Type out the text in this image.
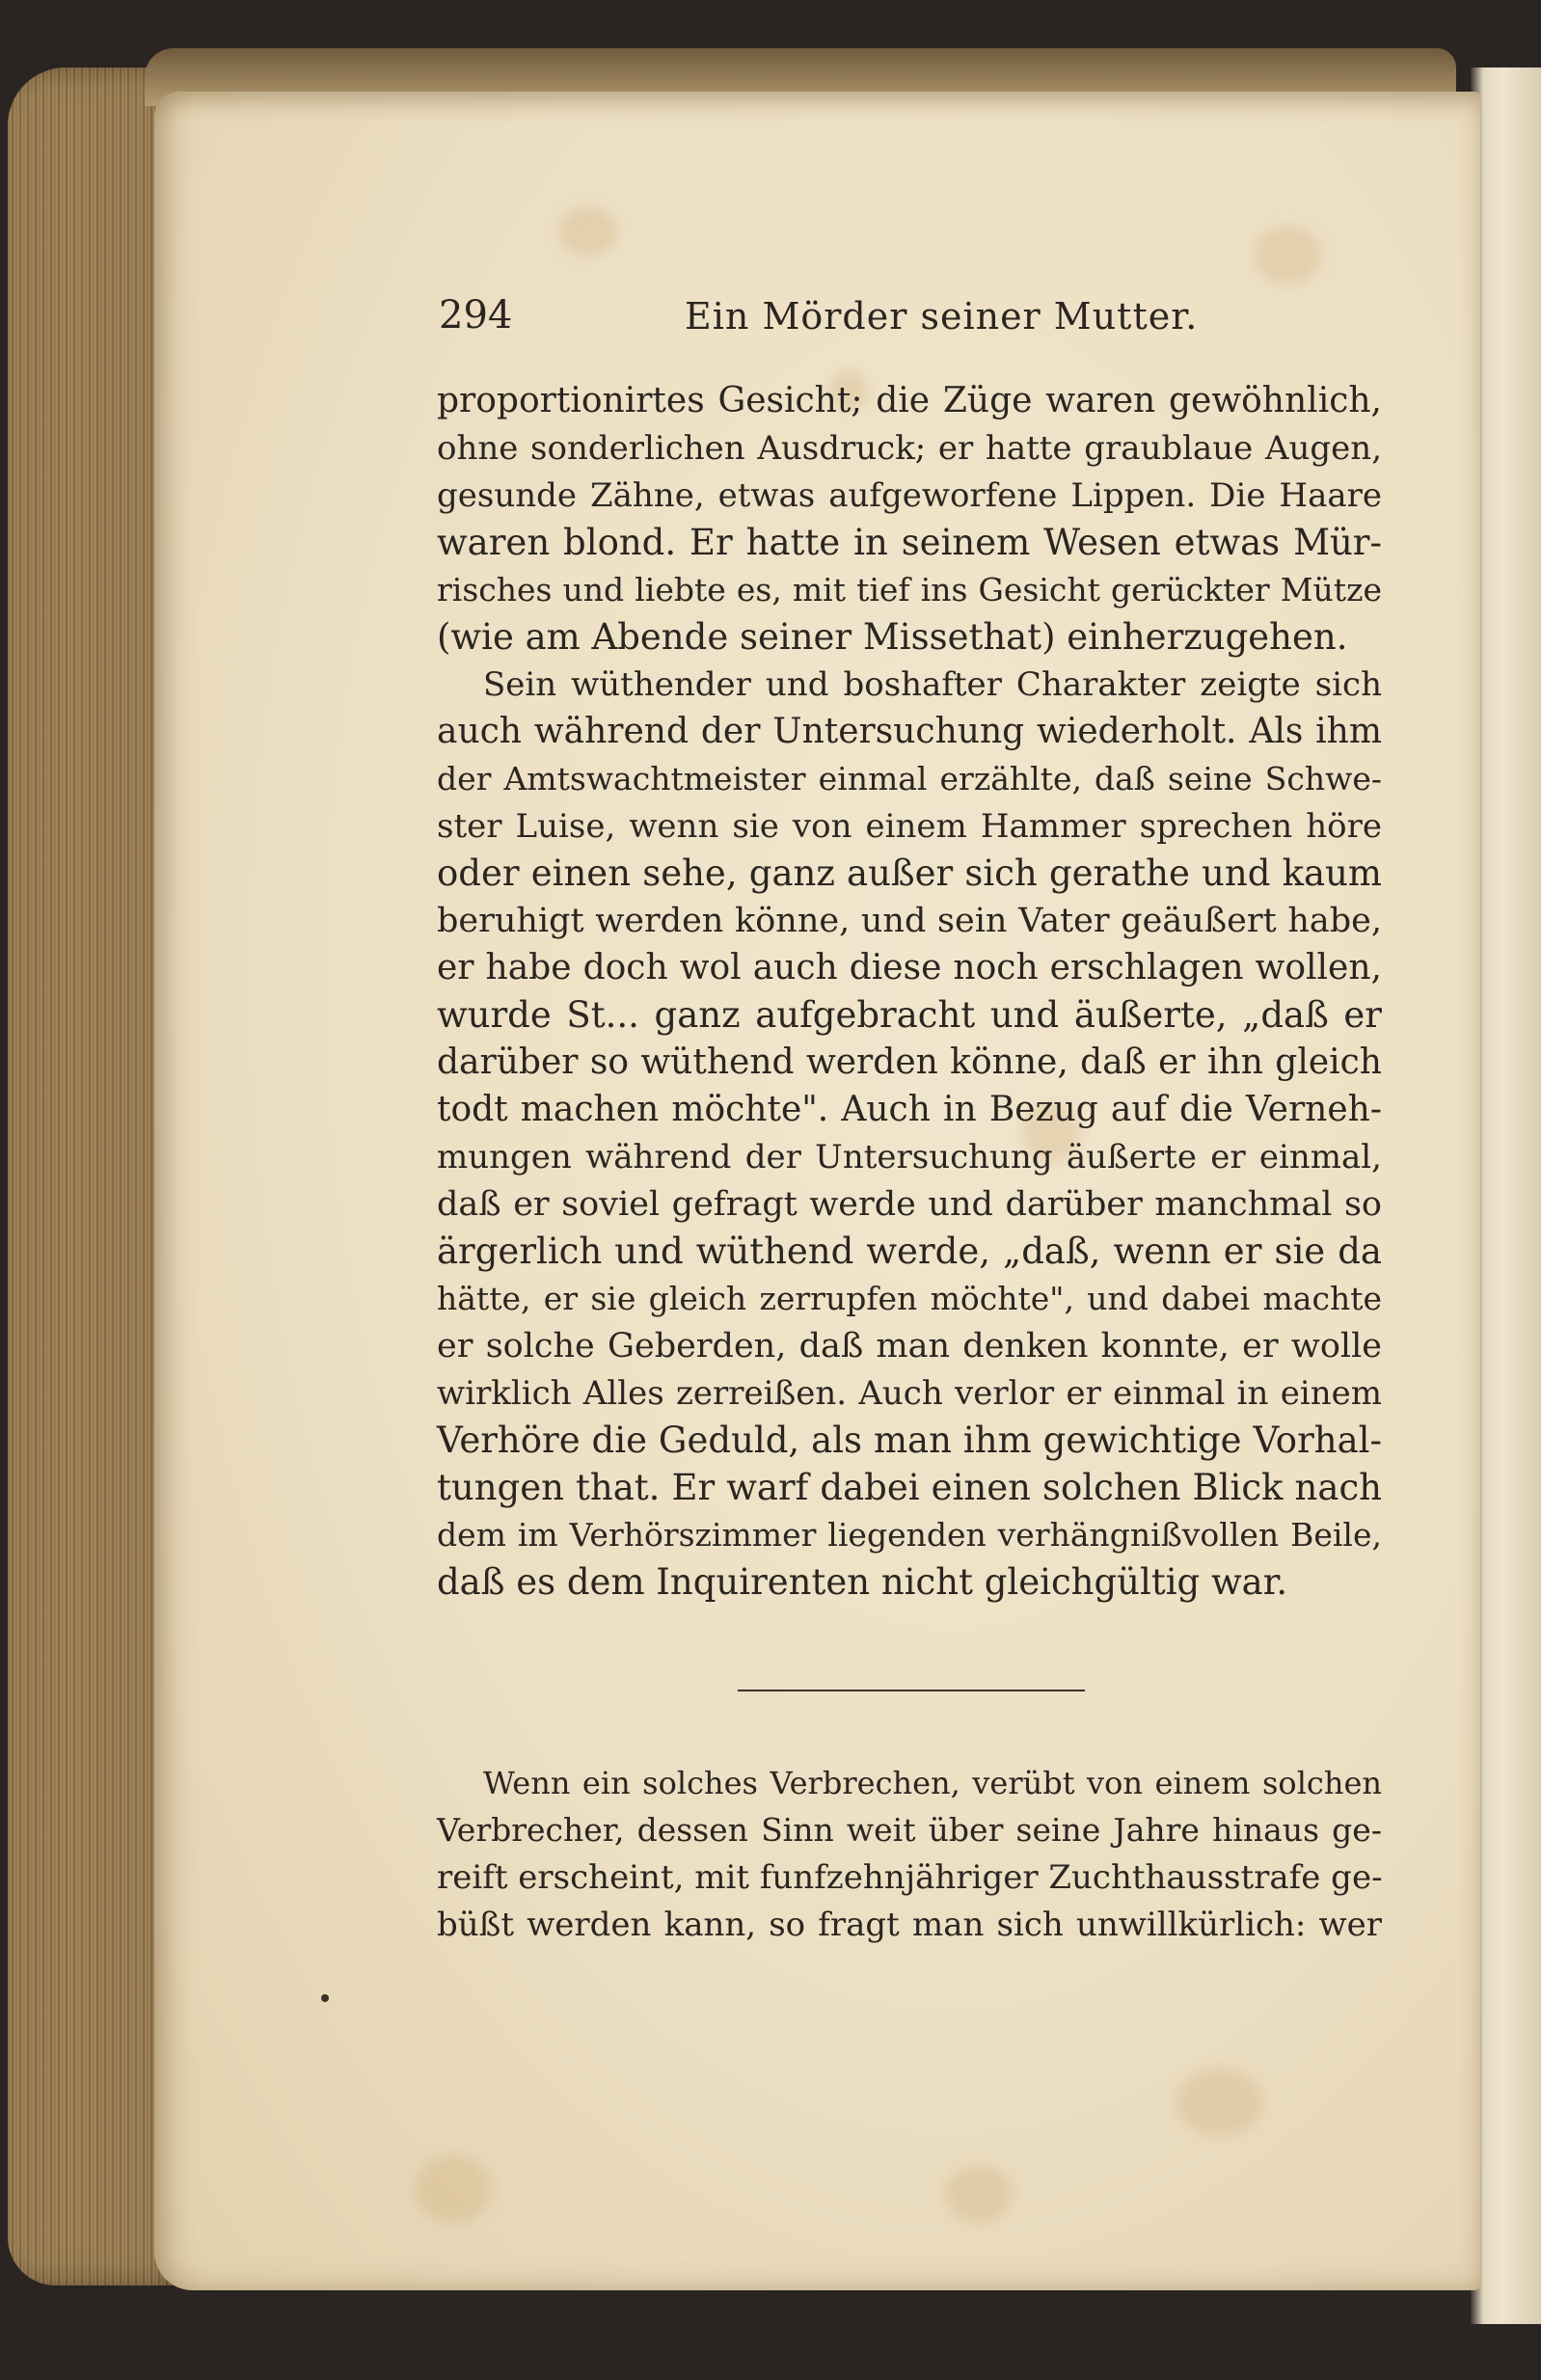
294	Ein Mörder seiner Mutter.
proportionirtes Gesicht; die Züge waren gewöhnlich,
ohne sonderlichen Ausdruck; er hatte graublaue Augen,
gesunde Zähne, etwas aufgeworfene Lippen. Die Haare
waren blond. Er hatte in seinem Wesen etwas Mür-
risches und liebte es, mit tief ins Gesicht gerückter Mütze
(wie am Abende seiner Missethat) einherzugehen.
Sein wüthender und boshafter Charakter zeigte sich
auch während der Untersuchung wiederholt. Als ihm
der Amtswachtmeister einmal erzählte, daß seine Schwe-
ster Luise, wenn sie von einem Hammer sprechen höre
oder einen sehe, ganz außer sich gerathe und kaum
beruhigt werden könne, und sein Vater geäußert habe,
er habe doch wol auch diese noch erschlagen wollen,
wurde St... ganz aufgebracht und äußerte, „daß er
darüber so wüthend werden könne, daß er ihn gleich
todt machen möchte". Auch in Bezug auf die Verneh-
mungen während der Untersuchung äußerte er einmal,
daß er soviel gefragt werde und darüber manchmal so
ärgerlich und wüthend werde, „daß, wenn er sie da
hätte, er sie gleich zerrupfen möchte", und dabei machte
er solche Geberden, daß man denken konnte, er wolle
wirklich Alles zerreißen. Auch verlor er einmal in einem
Verhöre die Geduld, als man ihm gewichtige Vorhal-
tungen that. Er warf dabei einen solchen Blick nach
dem im Verhörszimmer liegenden verhängnißvollen Beile,
daß es dem Inquirenten nicht gleichgültig war.
Wenn ein solches Verbrechen, verübt von einem solchen
Verbrecher, dessen Sinn weit über seine Jahre hinaus ge-
reift erscheint, mit funfzehnjähriger Zuchthausstrafe ge-
büßt werden kann, so fragt man sich unwillkürlich: wer
